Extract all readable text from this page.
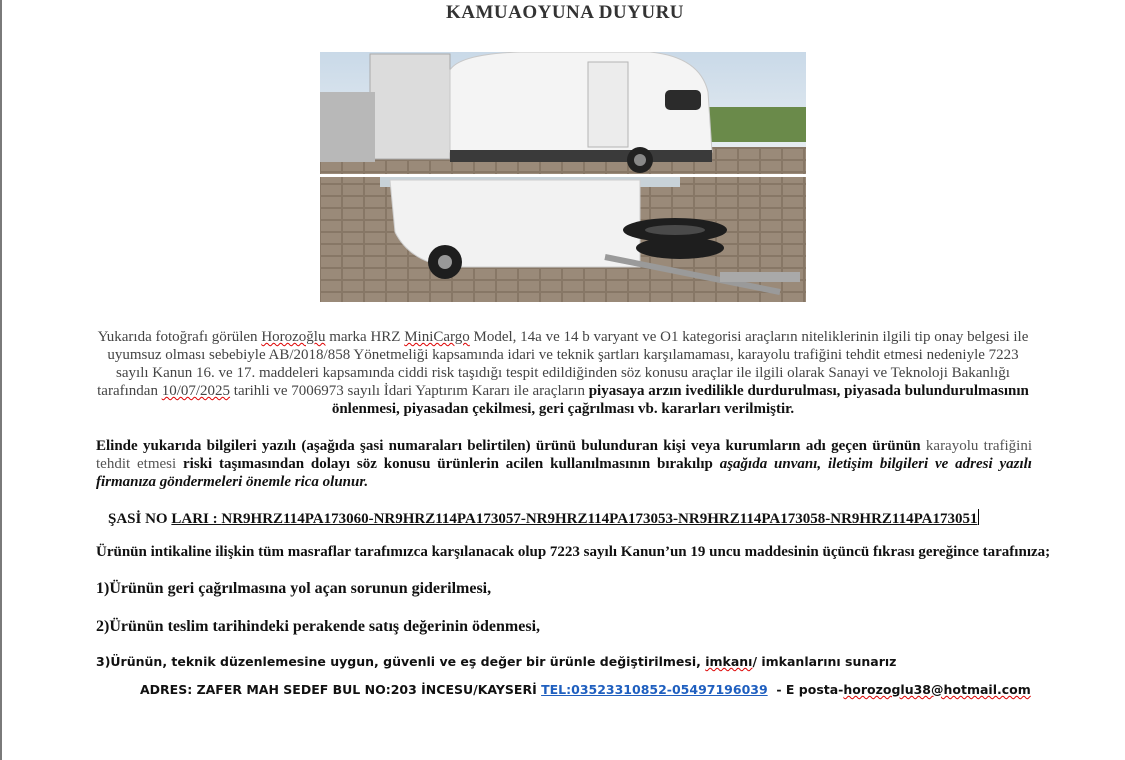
KAMUAOYUNA DUYURU
Yukarıda fotoğrafı görülen Horozoğlu marka HRZ MiniCargo Model, 14a ve 14 b varyant ve O1 kategorisi araçların niteliklerinin ilgili tip onay belgesi ile uyumsuz olması sebebiyle AB/2018/858 Yönetmeliği kapsamında idari ve teknik şartları karşılamaması, karayolu trafiğini tehdit etmesi nedeniyle 7223 sayılı Kanun 16. ve 17. maddeleri kapsamında ciddi risk taşıdığı tespit edildiğinden söz konusu araçlar ile ilgili olarak Sanayi ve Teknoloji Bakanlığı tarafından 10/07/2025 tarihli ve 7006973 sayılı İdari Yaptırım Kararı ile araçların piyasaya arzın ivedilikle durdurulması, piyasada bulundurulmasının önlenmesi, piyasadan çekilmesi, geri çağrılması vb. kararları verilmiştir.
Elinde yukarıda bilgileri yazılı (aşağıda şasi numaraları belirtilen) ürünü bulunduran kişi veya kurumların adı geçen ürünün karayolu trafiğini tehdit etmesi riski taşımasından dolayı söz konusu ürünlerin acilen kullanılmasının bırakılıp aşağıda unvanı, iletişim bilgileri ve adresi yazılı firmanıza göndermeleri önemle rica olunur.
ŞASİ NO LARI : NR9HRZ114PA173060-NR9HRZ114PA173057-NR9HRZ114PA173053-NR9HRZ114PA173058-NR9HRZ114PA173051
Ürünün intikaline ilişkin tüm masraflar tarafımızca karşılanacak olup 7223 sayılı Kanun’un 19 uncu maddesinin üçüncü fıkrası gereğince tarafınıza;
1)Ürünün geri çağrılmasına yol açan sorunun giderilmesi,
2)Ürünün teslim tarihindeki perakende satış değerinin ödenmesi,
3)Ürünün, teknik düzenlemesine uygun, güvenli ve eş değer bir ürünle değiştirilmesi, imkanı/ imkanlarını sunarız
ADRES: ZAFER MAH SEDEF BUL NO:203 İNCESU/KAYSERİ TEL:03523310852-05497196039  - E posta-horozoglu38@hotmail.com
